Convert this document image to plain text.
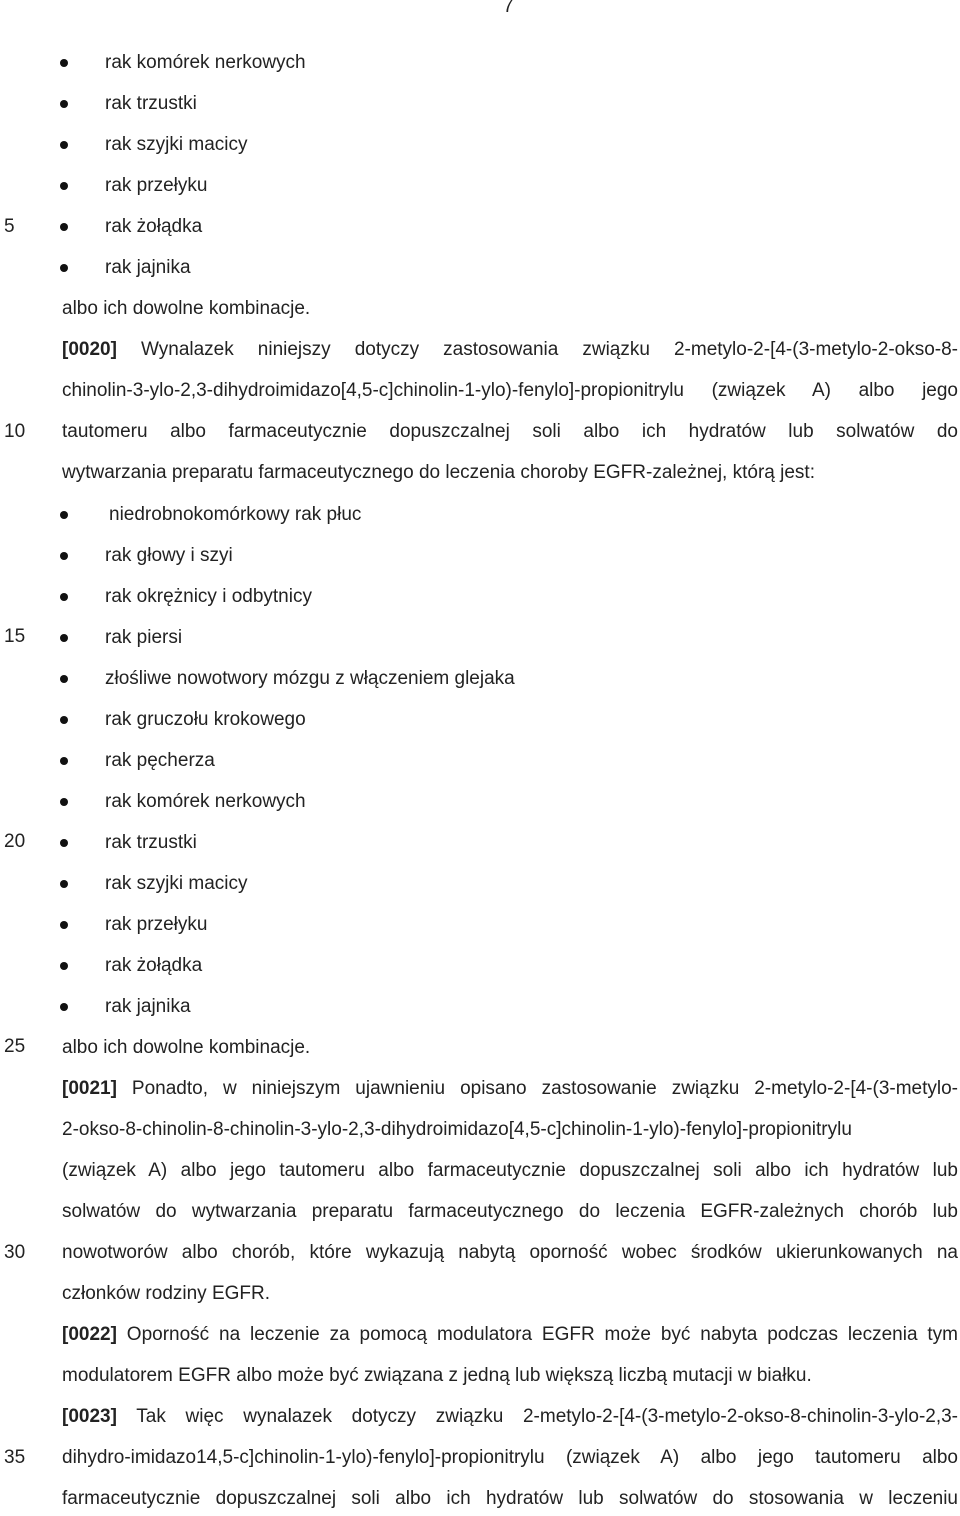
7
5
10
15
20
25
30
35
rak komórek nerkowych
rak trzustki
rak szyjki macicy
rak przełyku
rak żołądka
rak jajnika
albo ich dowolne kombinacje.
[0020] Wynalazek niniejszy dotyczy zastosowania związku 2-metylo-2-[4-(3-metylo-2-okso-8-
chinolin-3-ylo-2,3-dihydroimidazo[4,5-c]chinolin-1-ylo)-fenylo]-propionitrylu (związek A) albo jego
tautomeru albo farmaceutycznie dopuszczalnej soli albo ich hydratów lub solwatów do
wytwarzania preparatu farmaceutycznego do leczenia choroby EGFR-zależnej, którą jest:
niedrobnokomórkowy rak płuc
rak głowy i szyi
rak okrężnicy i odbytnicy
rak piersi
złośliwe nowotwory mózgu z włączeniem glejaka
rak gruczołu krokowego
rak pęcherza
rak komórek nerkowych
rak trzustki
rak szyjki macicy
rak przełyku
rak żołądka
rak jajnika
albo ich dowolne kombinacje.
[0021] Ponadto, w niniejszym ujawnieniu opisano zastosowanie związku 2-metylo-2-[4-(3-metylo-
2-okso-8-chinolin-8-chinolin-3-ylo-2,3-dihydroimidazo[4,5-c]chinolin-1-ylo)-fenylo]-propionitrylu
(związek A) albo jego tautomeru albo farmaceutycznie dopuszczalnej soli albo ich hydratów lub
solwatów do wytwarzania preparatu farmaceutycznego do leczenia EGFR-zależnych chorób lub
nowotworów albo chorób, które wykazują nabytą oporność wobec środków ukierunkowanych na
członków rodziny EGFR.
[0022] Oporność na leczenie za pomocą modulatora EGFR może być nabyta podczas leczenia tym
modulatorem EGFR albo może być związana z jedną lub większą liczbą mutacji w białku.
[0023] Tak więc wynalazek dotyczy związku 2-metylo-2-[4-(3-metylo-2-okso-8-chinolin-3-ylo-2,3-
dihydro-imidazo14,5-c]chinolin-1-ylo)-fenylo]-propionitrylu (związek A) albo jego tautomeru albo
farmaceutycznie dopuszczalnej soli albo ich hydratów lub solwatów do stosowania w leczeniu
